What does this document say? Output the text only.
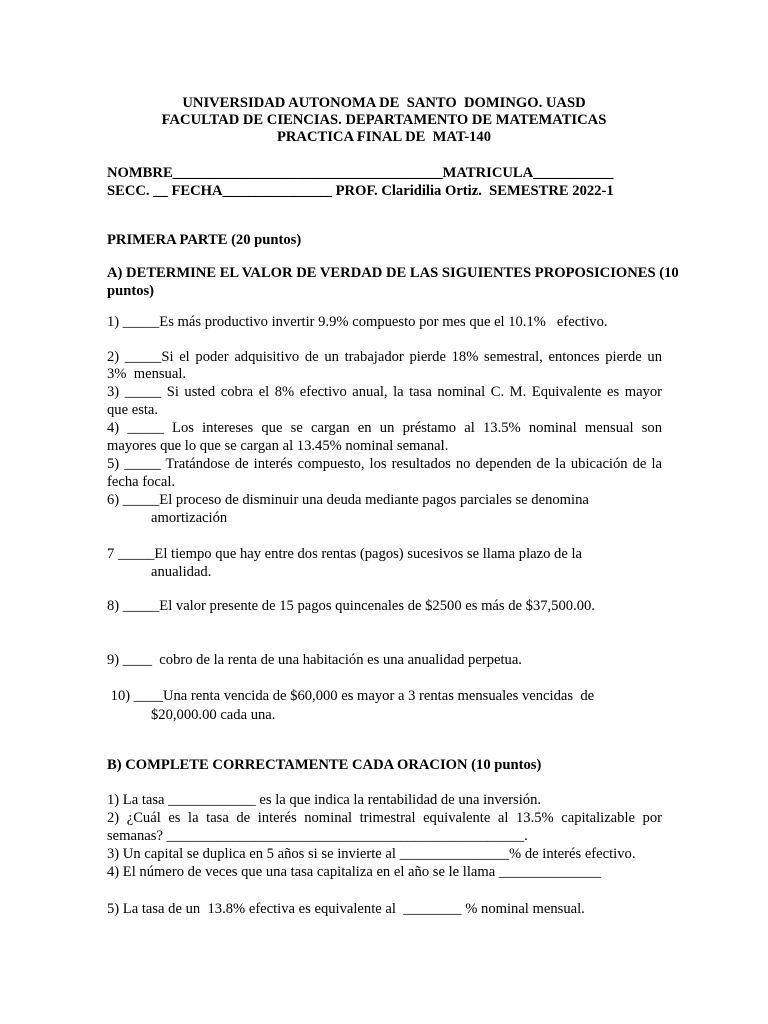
UNIVERSIDAD AUTONOMA DE  SANTO  DOMINGO. UASD

FACULTAD DE CIENCIAS. DEPARTAMENTO DE MATEMATICAS

PRACTICA FINAL DE  MAT-140

NOMBRE_____________________________________MATRICULA___________

SECC. __ FECHA_______________ PROF. Claridilia Ortiz.  SEMESTRE 2022-1

PRIMERA PARTE (20 puntos)

A) DETERMINE EL VALOR DE VERDAD DE LAS SIGUIENTES PROPOSICIONES (10

puntos)

1) _____Es más productivo invertir 9.9% compuesto por mes que el 10.1%   efectivo.

2) _____Si el poder adquisitivo de un trabajador pierde 18% semestral, entonces pierde un

3%  mensual.

3) _____ Si usted cobra el 8% efectivo anual, la tasa nominal C. M. Equivalente es mayor

que esta.

4) _____ Los intereses que se cargan en un préstamo al 13.5% nominal mensual son

mayores que lo que se cargan al 13.45% nominal semanal.

5) _____ Tratándose de interés compuesto, los resultados no dependen de la ubicación de la

fecha focal.

6) _____El proceso de disminuir una deuda mediante pagos parciales se denomina

amortización

7 _____El tiempo que hay entre dos rentas (pagos) sucesivos se llama plazo de la

anualidad.

8) _____El valor presente de 15 pagos quincenales de $2500 es más de $37,500.00.

9) ____  cobro de la renta de una habitación es una anualidad perpetua.

10) ____Una renta vencida de $60,000 es mayor a 3 rentas mensuales vencidas  de

$20,000.00 cada una.

B) COMPLETE CORRECTAMENTE CADA ORACION (10 puntos)

1) La tasa ____________ es la que indica la rentabilidad de una inversión.

2) ¿Cuál es la tasa de interés nominal trimestral equivalente al 13.5% capitalizable por

semanas? _________________________________________________.

3) Un capital se duplica en 5 años si se invierte al _______________% de interés efectivo.

4) El número de veces que una tasa capitaliza en el año se le llama ______________

5) La tasa de un  13.8% efectiva es equivalente al  ________ % nominal mensual.
